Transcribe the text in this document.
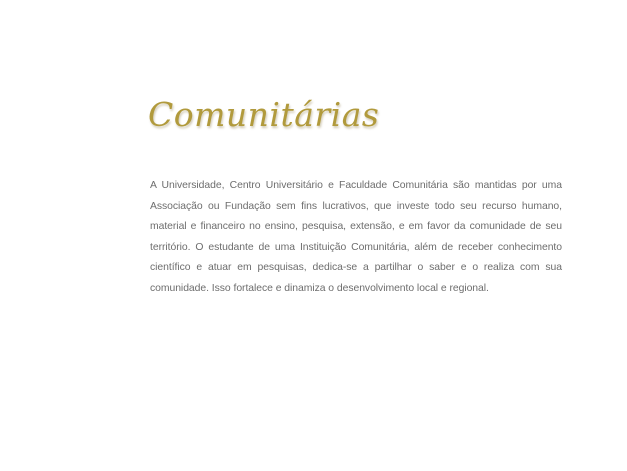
Comunitárias

A Universidade, Centro Universitário e Faculdade Comunitária são mantidas por uma Associação ou Fundação sem fins lucrativos, que investe todo seu recurso humano, material e financeiro no ensino, pesquisa, extensão, e em favor da comunidade de seu território. O estudante de uma Instituição Comunitária, além de receber conhecimento científico e atuar em pesquisas, dedica-se a partilhar o saber e o realiza com sua comunidade. Isso fortalece e dinamiza o desenvolvimento local e regional.
